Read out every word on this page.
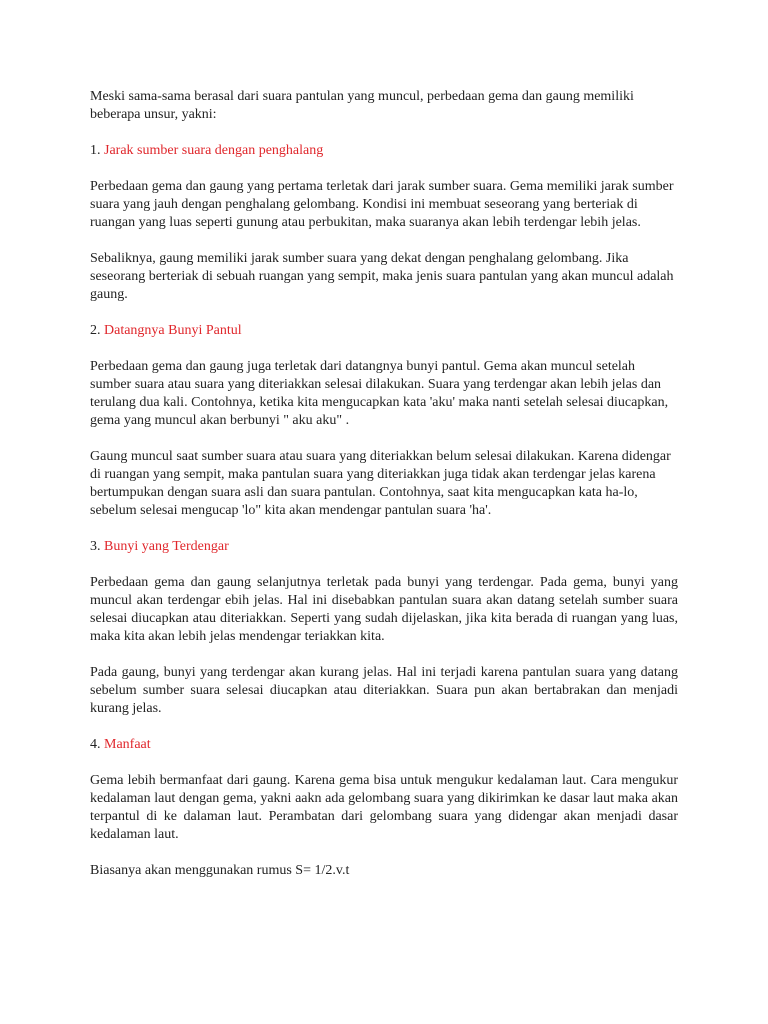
Meski sama-sama berasal dari suara pantulan yang muncul, perbedaan gema dan gaung memiliki beberapa unsur, yakni:

1. Jarak sumber suara dengan penghalang

Perbedaan gema dan gaung yang pertama terletak dari jarak sumber suara. Gema memiliki jarak sumber suara yang jauh dengan penghalang gelombang. Kondisi ini membuat seseorang yang berteriak di ruangan yang luas seperti gunung atau perbukitan, maka suaranya akan lebih terdengar lebih jelas.

Sebaliknya, gaung memiliki jarak sumber suara yang dekat dengan penghalang gelombang. Jika seseorang berteriak di sebuah ruangan yang sempit, maka jenis suara pantulan yang akan muncul adalah gaung.

2. Datangnya Bunyi Pantul

Perbedaan gema dan gaung juga terletak dari datangnya bunyi pantul. Gema akan muncul setelah sumber suara atau suara yang diteriakkan selesai dilakukan. Suara yang terdengar akan lebih jelas dan terulang dua kali. Contohnya, ketika kita mengucapkan kata 'aku' maka nanti setelah selesai diucapkan, gema yang muncul akan berbunyi " aku aku" .

Gaung muncul saat sumber suara atau suara yang diteriakkan belum selesai dilakukan. Karena didengar di ruangan yang sempit, maka pantulan suara yang diteriakkan juga tidak akan terdengar jelas karena bertumpukan dengan suara asli dan suara pantulan. Contohnya, saat kita mengucapkan kata ha-lo, sebelum selesai mengucap 'lo" kita akan mendengar pantulan suara 'ha'.

3. Bunyi yang Terdengar

Perbedaan gema dan gaung selanjutnya terletak pada bunyi yang terdengar. Pada gema, bunyi yang muncul akan terdengar ebih jelas. Hal ini disebabkan pantulan suara akan datang setelah sumber suara selesai diucapkan atau diteriakkan. Seperti yang sudah dijelaskan, jika kita berada di ruangan yang luas, maka kita akan lebih jelas mendengar teriakkan kita.

Pada gaung, bunyi yang terdengar akan kurang jelas. Hal ini terjadi karena pantulan suara yang datang sebelum sumber suara selesai diucapkan atau diteriakkan. Suara pun akan bertabrakan dan menjadi kurang jelas.

4. Manfaat

Gema lebih bermanfaat dari gaung. Karena gema bisa untuk mengukur kedalaman laut. Cara mengukur kedalaman laut dengan gema, yakni aakn ada gelombang suara yang dikirimkan ke dasar laut maka akan terpantul di ke dalaman laut. Perambatan dari gelombang suara yang didengar akan menjadi dasar kedalaman laut.

Biasanya akan menggunakan rumus S= 1/2.v.t
